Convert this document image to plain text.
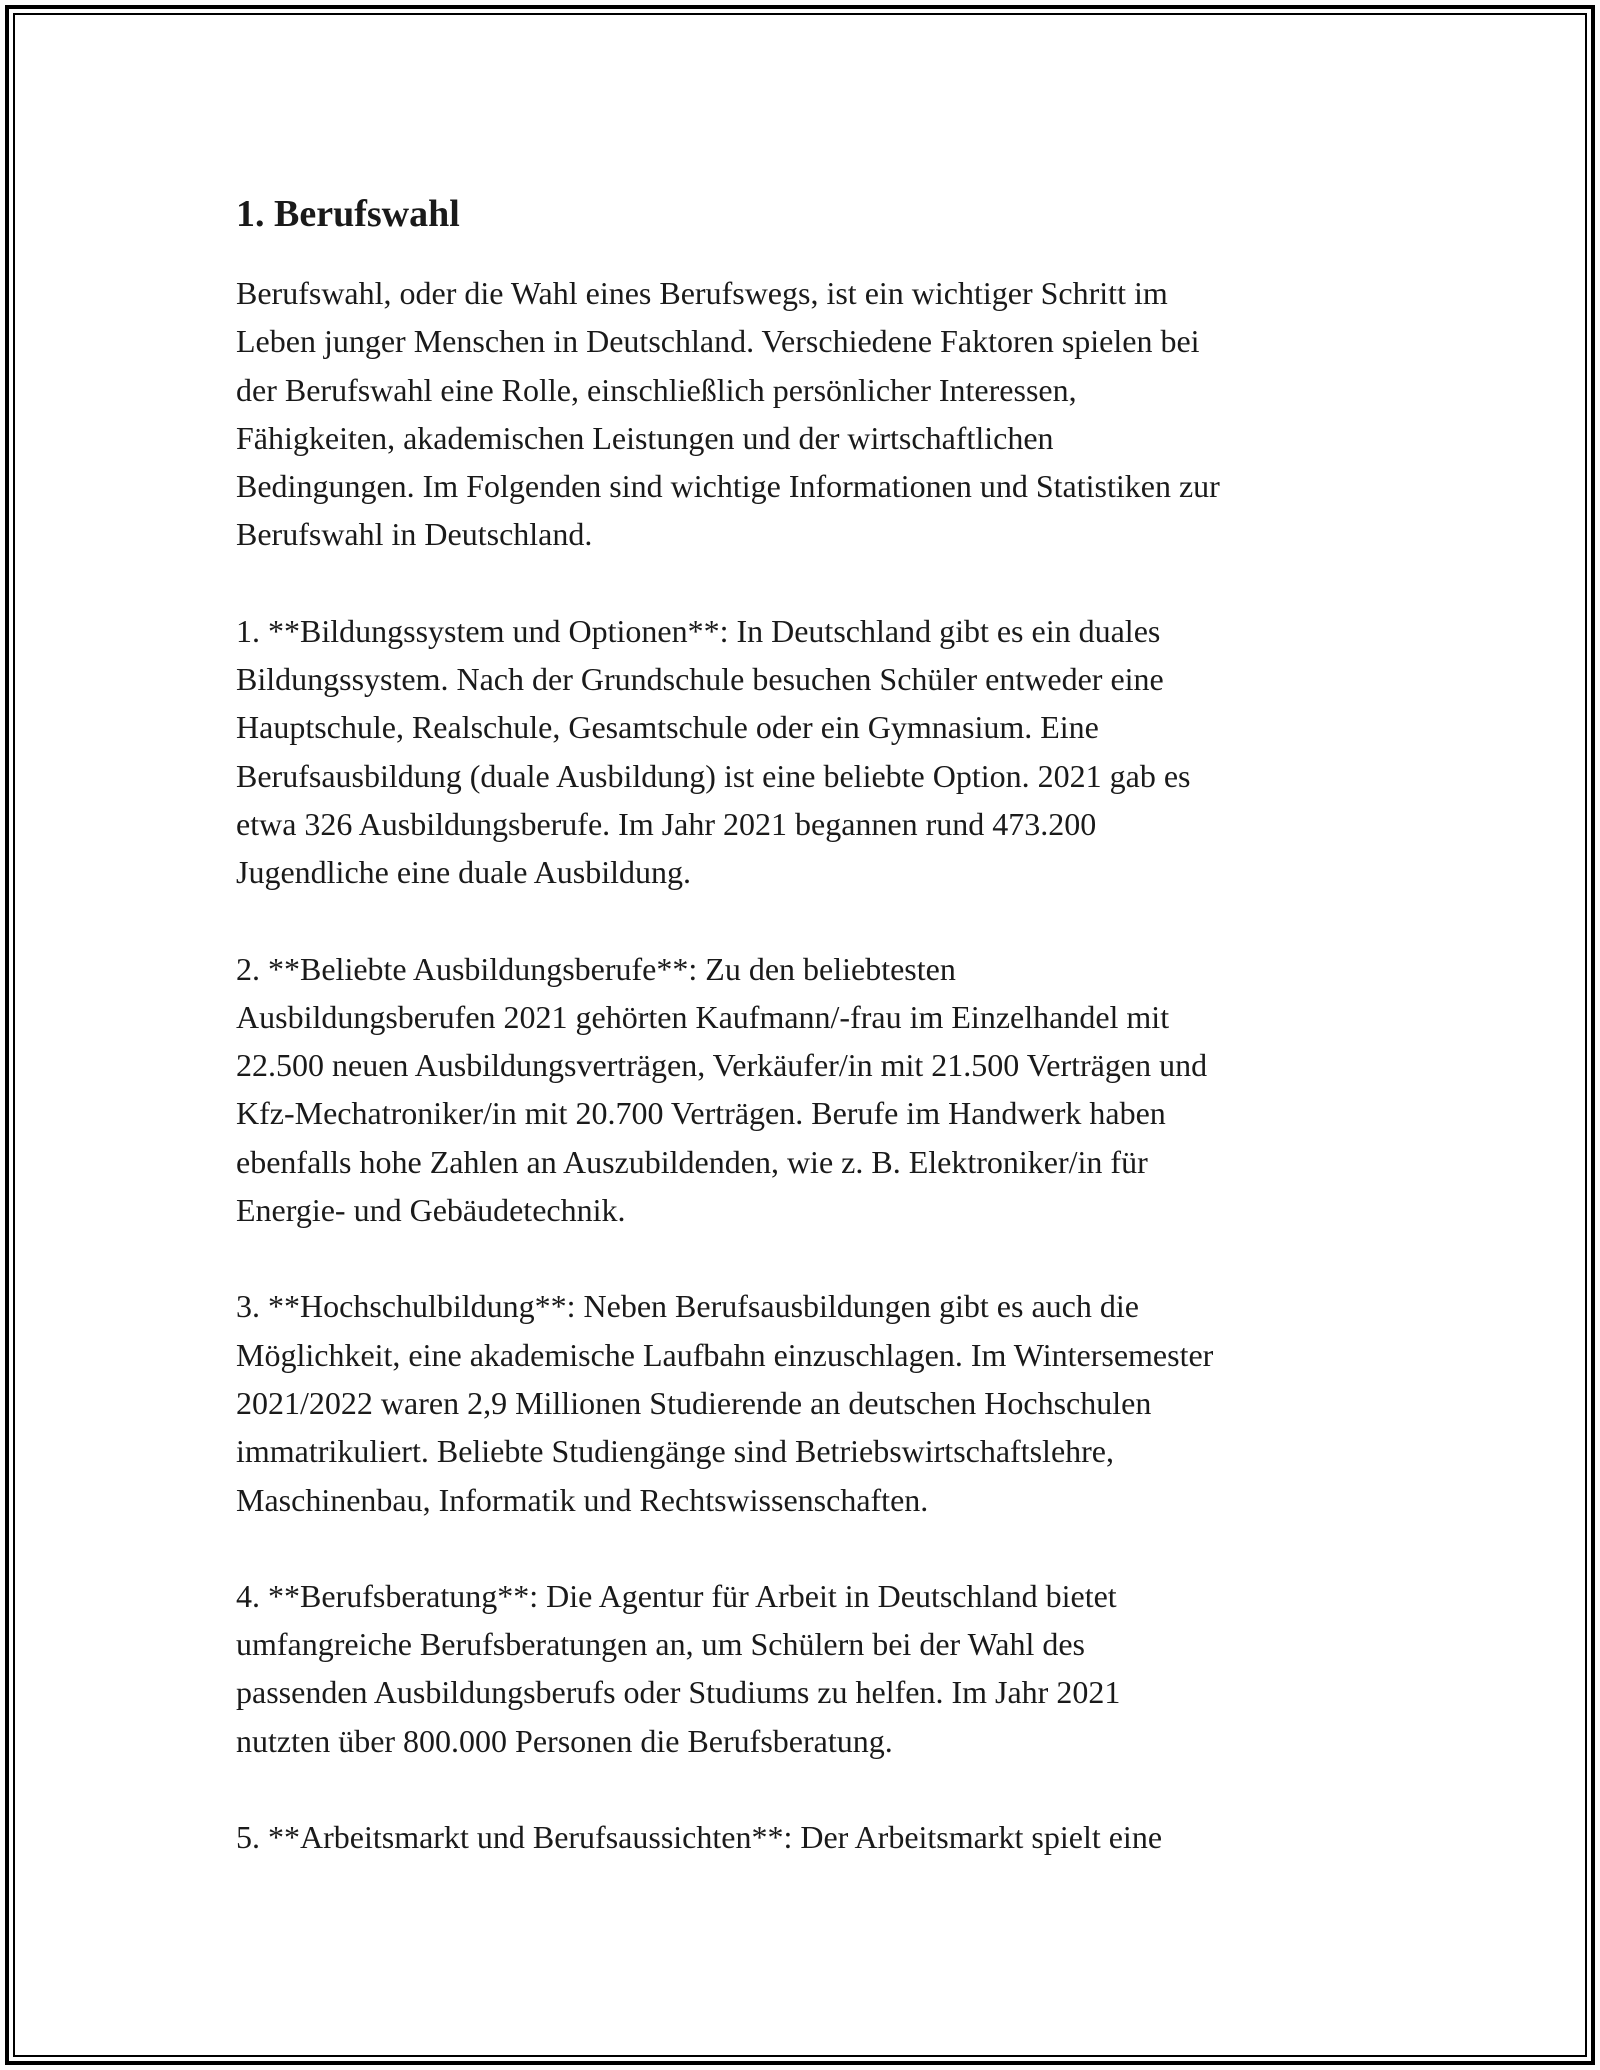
1. Berufswahl

Berufswahl, oder die Wahl eines Berufswegs, ist ein wichtiger Schritt im
Leben junger Menschen in Deutschland. Verschiedene Faktoren spielen bei
der Berufswahl eine Rolle, einschließlich persönlicher Interessen,
Fähigkeiten, akademischen Leistungen und der wirtschaftlichen
Bedingungen. Im Folgenden sind wichtige Informationen und Statistiken zur
Berufswahl in Deutschland.

1. **Bildungssystem und Optionen**: In Deutschland gibt es ein duales
Bildungssystem. Nach der Grundschule besuchen Schüler entweder eine
Hauptschule, Realschule, Gesamtschule oder ein Gymnasium. Eine
Berufsausbildung (duale Ausbildung) ist eine beliebte Option. 2021 gab es
etwa 326 Ausbildungsberufe. Im Jahr 2021 begannen rund 473.200
Jugendliche eine duale Ausbildung.

2. **Beliebte Ausbildungsberufe**: Zu den beliebtesten
Ausbildungsberufen 2021 gehörten Kaufmann/-frau im Einzelhandel mit
22.500 neuen Ausbildungsverträgen, Verkäufer/in mit 21.500 Verträgen und
Kfz-Mechatroniker/in mit 20.700 Verträgen. Berufe im Handwerk haben
ebenfalls hohe Zahlen an Auszubildenden, wie z. B. Elektroniker/in für
Energie- und Gebäudetechnik.

3. **Hochschulbildung**: Neben Berufsausbildungen gibt es auch die
Möglichkeit, eine akademische Laufbahn einzuschlagen. Im Wintersemester
2021/2022 waren 2,9 Millionen Studierende an deutschen Hochschulen
immatrikuliert. Beliebte Studiengänge sind Betriebswirtschaftslehre,
Maschinenbau, Informatik und Rechtswissenschaften.

4. **Berufsberatung**: Die Agentur für Arbeit in Deutschland bietet
umfangreiche Berufsberatungen an, um Schülern bei der Wahl des
passenden Ausbildungsberufs oder Studiums zu helfen. Im Jahr 2021
nutzten über 800.000 Personen die Berufsberatung.

5. **Arbeitsmarkt und Berufsaussichten**: Der Arbeitsmarkt spielt eine
